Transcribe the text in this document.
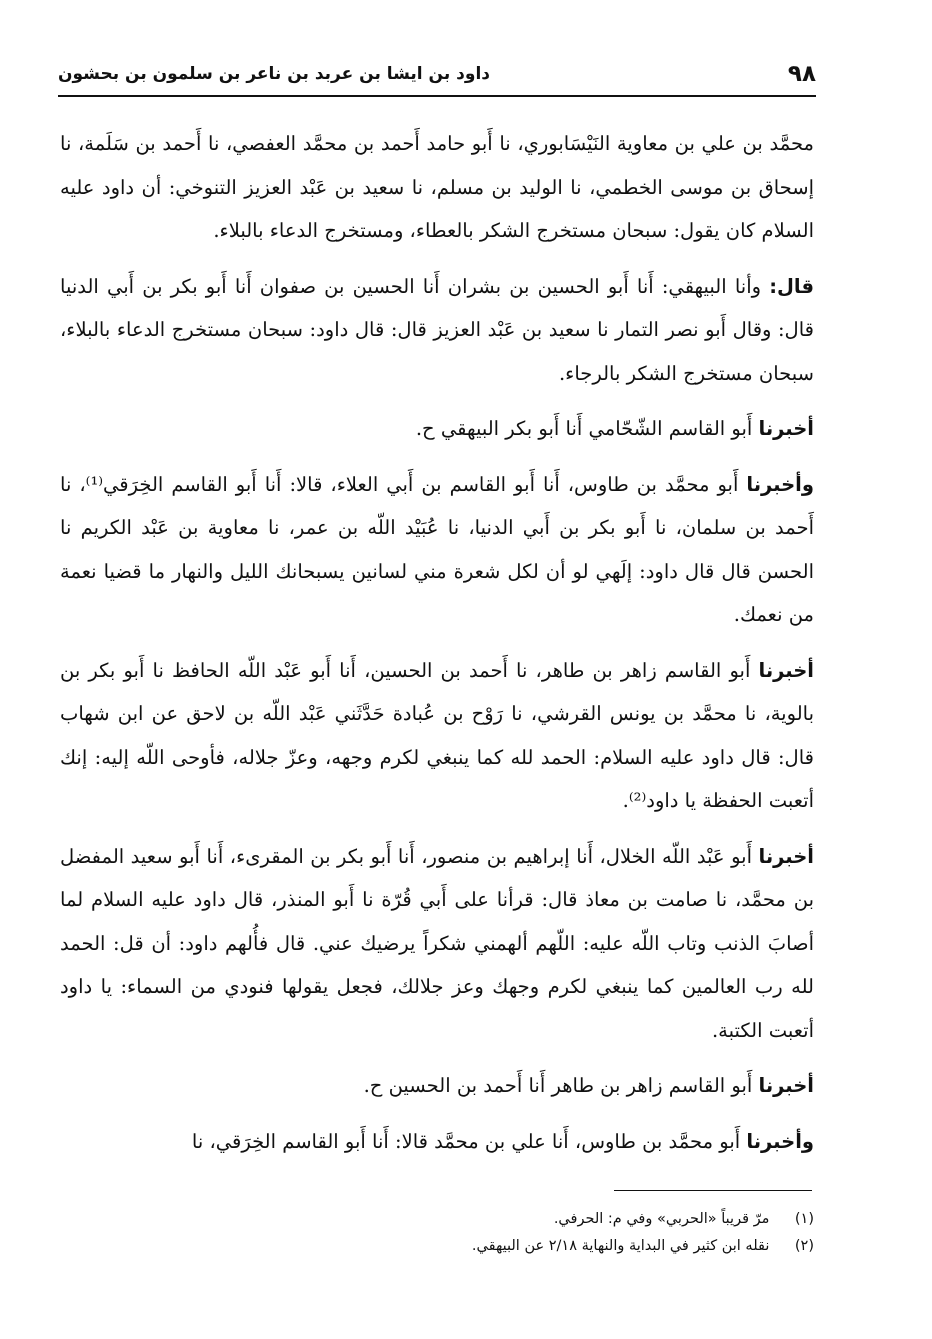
٩٨
داود بن ايشا بن عربد بن ناعر بن سلمون بن بحشون

محمَّد بن علي بن معاوية النَيْسَابوري، نا أَبو حامد أَحمد بن محمَّد العفصي، نا أَحمد بن سَلَمة، نا إسحاق بن موسى الخطمي، نا الوليد بن مسلم، نا سعيد بن عَبْد العزيز التنوخي: أن داود عليه السلام كان يقول: سبحان مستخرج الشكر بالعطاء، ومستخرج الدعاء بالبلاء.

قال: وأنا البيهقي: أَنا أَبو الحسين بن بشران أَنا الحسين بن صفوان أَنا أَبو بكر بن أَبي الدنيا قال: وقال أَبو نصر التمار نا سعيد بن عَبْد العزيز قال: قال داود: سبحان مستخرج الدعاء بالبلاء، سبحان مستخرج الشكر بالرجاء.

أخبرنا أَبو القاسم الشّحّامي أَنا أَبو بكر البيهقي ح.

وأخبرنا أَبو محمَّد بن طاوس، أَنا أَبو القاسم بن أَبي العلاء، قالا: أَنا أَبو القاسم الخِرَقي⁽¹⁾، نا أَحمد بن سلمان، نا أَبو بكر بن أَبي الدنيا، نا عُبَيْد اللّه بن عمر، نا معاوية بن عَبْد الكريم نا الحسن قال قال داود: إلَهي لو أن لكل شعرة مني لسانين يسبحانك الليل والنهار ما قضيا نعمة من نعمك.

أخبرنا أَبو القاسم زاهر بن طاهر، نا أَحمد بن الحسين، أَنا أَبو عَبْد اللّه الحافظ نا أَبو بكر بن بالوية، نا محمَّد بن يونس القرشي، نا رَوْح بن عُبادة حَدَّثَني عَبْد اللّه بن لاحق عن ابن شهاب قال: قال داود عليه السلام: الحمد لله كما ينبغي لكرم وجهه، وعزّ جلاله، فأوحى اللّه إليه: إنك أتعبت الحفظة يا داود⁽²⁾.

أخبرنا أَبو عَبْد اللّه الخلال، أَنا إبراهيم بن منصور، أَنا أَبو بكر بن المقرىء، أَنا أَبو سعيد المفضل بن محمَّد، نا صامت بن معاذ قال: قرأنا على أَبي قُرّة نا أَبو المنذر، قال داود عليه السلام لما أصابَ الذنب وتاب اللّه عليه: اللّهم ألهمني شكراً يرضيك عني. قال فأُلهم داود: أن قل: الحمد لله رب العالمين كما ينبغي لكرم وجهك وعز جلالك، فجعل يقولها فنودي من السماء: يا داود أتعبت الكتبة.

أخبرنا أَبو القاسم زاهر بن طاهر أَنا أَحمد بن الحسين ح.

وأخبرنا أَبو محمَّد بن طاوس، أَنا علي بن محمَّد قالا: أَنا أَبو القاسم الخِرَقي، نا

(١) مرّ قريباً «الحربي» وفي م: الحرفي.
(٢) نقله ابن كثير في البداية والنهاية ٢/١٨ عن البيهقي.
